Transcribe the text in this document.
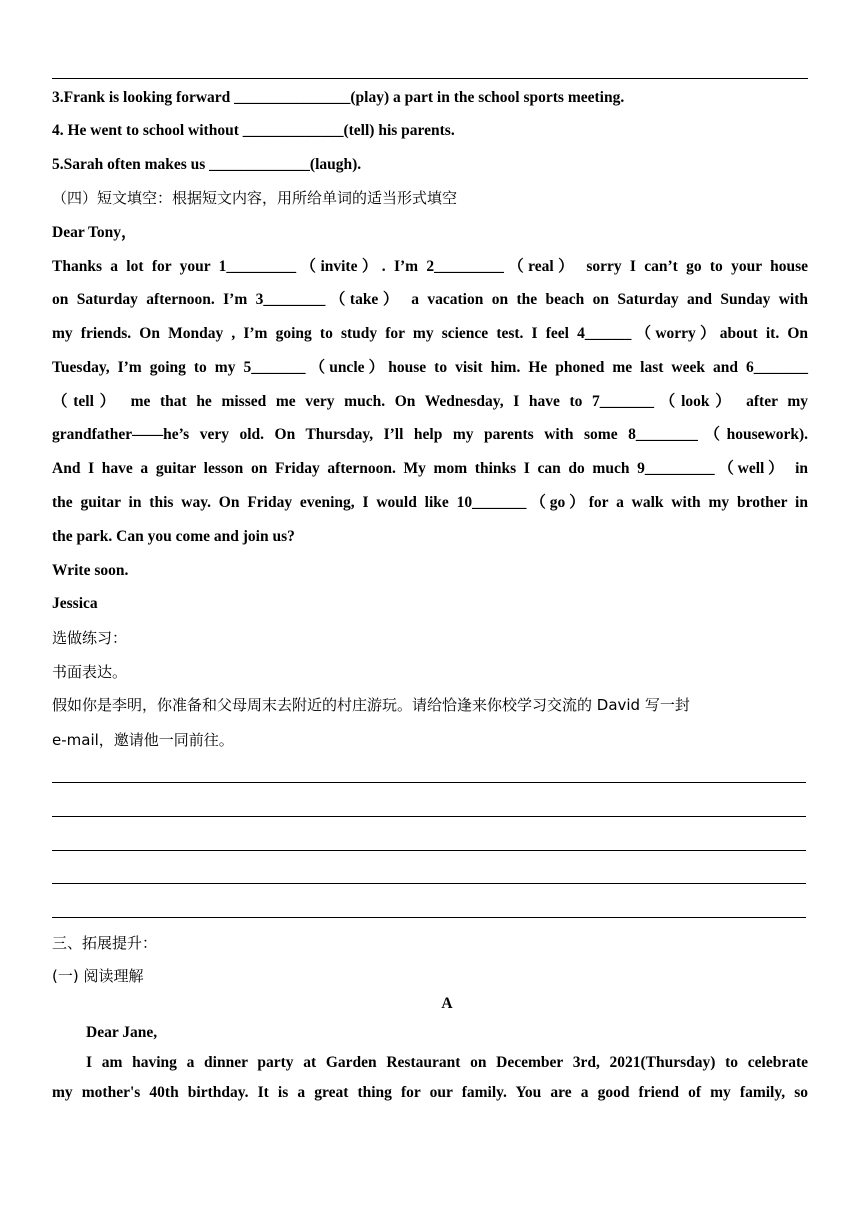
3.Frank is looking forward _______________(play) a part in the school sports meeting.
4. He went to school without _____________(tell) his parents.
5.Sarah often makes us _____________(laugh).
（四）短文填空：根据短文内容，用所给单词的适当形式填空
Dear Tony，
Thanks a lot for your 1_________（invite）. I’m 2_________（real） sorry I can’t go to your house
on Saturday afternoon. I’m 3________（take） a vacation on the beach on Saturday and Sunday with
my friends. On Monday , I’m going to study for my science test. I feel 4______（worry）about it. On
Tuesday, I’m going to my 5_______（uncle）house to visit him. He phoned me last week and 6_______
（tell） me that he missed me very much. On Wednesday, I have to 7_______（look） after my
grandfather——he’s very old. On Thursday, I’ll help my parents with some 8________（housework).
And I have a guitar lesson on Friday afternoon. My mom thinks I can do much 9_________（well） in
the guitar in this way. On Friday evening, I would like 10_______（go）for a walk with my brother in
the park. Can you come and join us?
Write soon.
Jessica
选做练习：
书面表达。
假如你是李明，你准备和父母周末去附近的村庄游玩。请给恰逢来你校学习交流的 David 写一封
e-mail，邀请他一同前往。
三、拓展提升：
(一) 阅读理解
A
Dear Jane,
I am having a dinner party at Garden Restaurant on December 3rd, 2021(Thursday) to celebrate
my mother's 40th birthday. It is a great thing for our family. You are a good friend of my family, so
